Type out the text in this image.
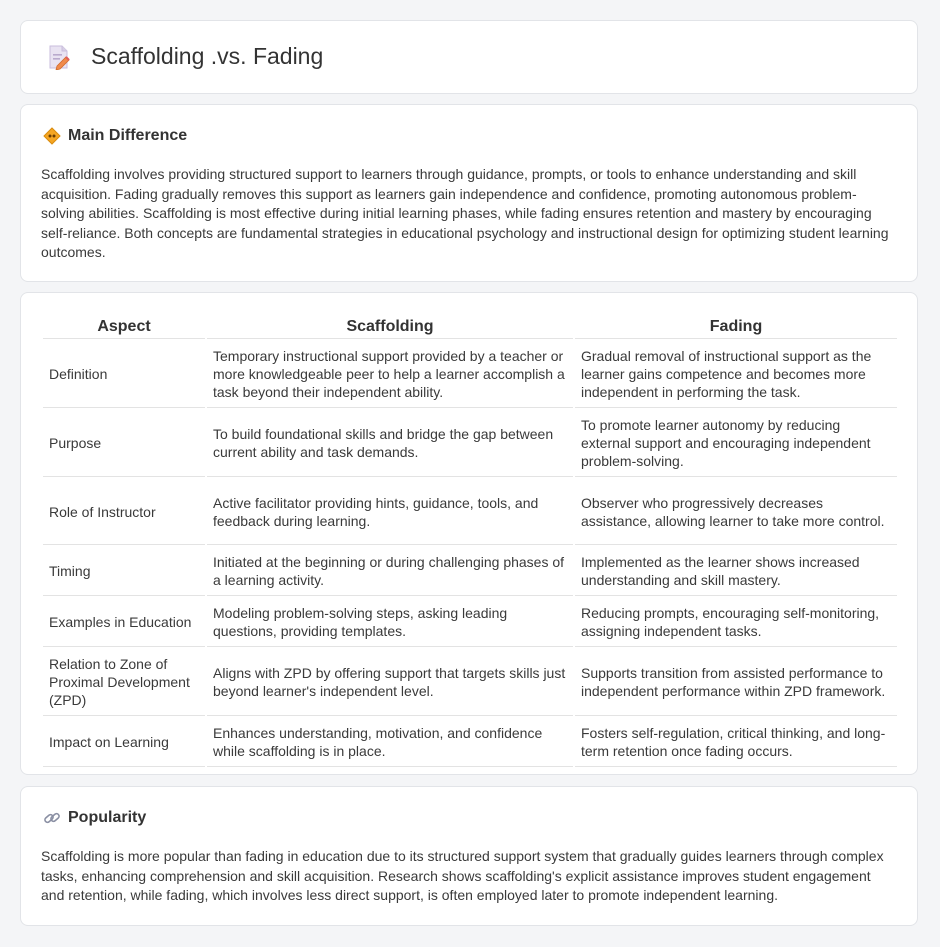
Scaffolding .vs. Fading
Main Difference
Scaffolding involves providing structured support to learners through guidance, prompts, or tools to enhance understanding and skill acquisition. Fading gradually removes this support as learners gain independence and confidence, promoting autonomous problem-solving abilities. Scaffolding is most effective during initial learning phases, while fading ensures retention and mastery by encouraging self-reliance. Both concepts are fundamental strategies in educational psychology and instructional design for optimizing student learning outcomes.
Aspect	Scaffolding	Fading
Definition	Temporary instructional support provided by a teacher or more knowledgeable peer to help a learner accomplish a task beyond their independent ability.	Gradual removal of instructional support as the learner gains competence and becomes more independent in performing the task.
Purpose	To build foundational skills and bridge the gap between current ability and task demands.	To promote learner autonomy by reducing external support and encouraging independent problem-solving.
Role of Instructor	Active facilitator providing hints, guidance, tools, and feedback during learning.	Observer who progressively decreases assistance, allowing learner to take more control.
Timing	Initiated at the beginning or during challenging phases of a learning activity.	Implemented as the learner shows increased understanding and skill mastery.
Examples in Education	Modeling problem-solving steps, asking leading questions, providing templates.	Reducing prompts, encouraging self-monitoring, assigning independent tasks.
Relation to Zone of Proximal Development (ZPD)	Aligns with ZPD by offering support that targets skills just beyond learner's independent level.	Supports transition from assisted performance to independent performance within ZPD framework.
Impact on Learning	Enhances understanding, motivation, and confidence while scaffolding is in place.	Fosters self-regulation, critical thinking, and long-term retention once fading occurs.
Popularity
Scaffolding is more popular than fading in education due to its structured support system that gradually guides learners through complex tasks, enhancing comprehension and skill acquisition. Research shows scaffolding's explicit assistance improves student engagement and retention, while fading, which involves less direct support, is often employed later to promote independent learning.
